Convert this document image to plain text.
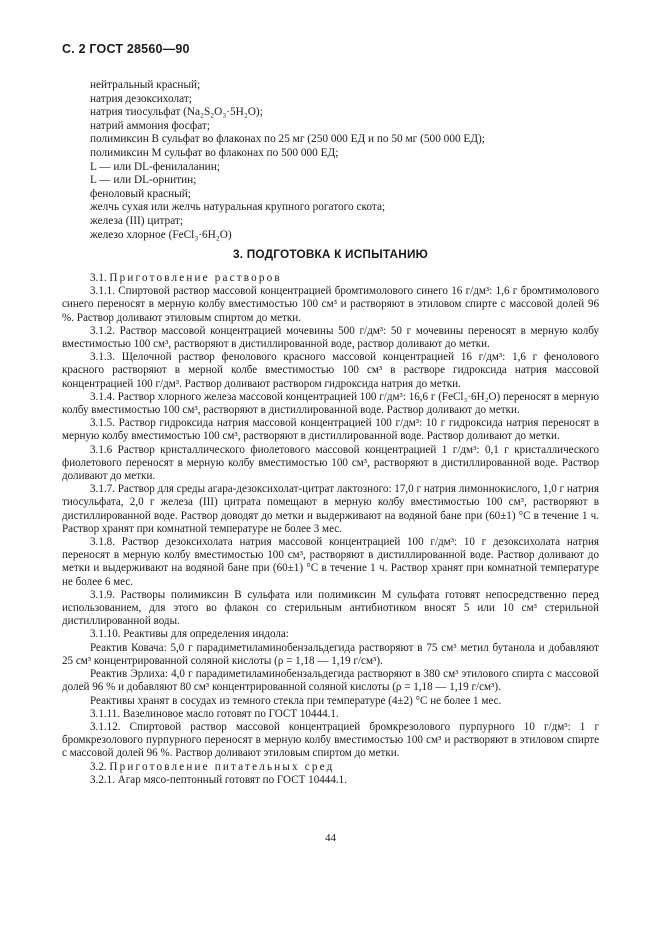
С. 2 ГОСТ 28560—90
нейтральный красный;
натрия дезоксихолат;
натрия тиосульфат (Na₂S₂O₃·5H₂O);
натрий аммония фосфат;
полимиксин В сульфат во флаконах по 25 мг (250 000 ЕД и по 50 мг (500 000 ЕД);
полимиксин М сульфат во флаконах по 500 000 ЕД;
L — или DL-фенилаланин;
L — или DL-орнитин;
феноловый красный;
желчь сухая или желчь натуральная крупного рогатого скота;
железа (III) цитрат;
железо хлорное (FeCl₃·6H₂O)
3. ПОДГОТОВКА К ИСПЫТАНИЮ

3.1. Приготовление растворов

3.1.1. Спиртовой раствор массовой концентрацией бромтимолового синего 16 г/дм³: 1,6 г бромтимолового синего переносят в мерную колбу вместимостью 100 см³ и растворяют в этиловом спирте с массовой долей 96 %. Раствор доливают этиловым спиртом до метки.

3.1.2. Раствор массовой концентрацией мочевины 500 г/дм³: 50 г мочевины переносят в мерную колбу вместимостью 100 см³, растворяют в дистиллированной воде, раствор доливают до метки.

3.1.3. Щелочной раствор фенолового красного массовой концентрацией 16 г/дм³: 1,6 г фенолового красного растворяют в мерной колбе вместимостью 100 см³ в растворе гидроксида натрия массовой концентрацией 100 г/дм³. Раствор доливают раствором гидроксида натрия до метки.

3.1.4. Раствор хлорного железа массовой концентрацией 100 г/дм³: 16,6 г (FeCl₃·6H₂O) переносят в мерную колбу вместимостью 100 см³, растворяют в дистиллированной воде. Раствор доливают до метки.

3.1.5. Раствор гидроксида натрия массовой концентрацией 100 г/дм³: 10 г гидроксида натрия переносят в мерную колбу вместимостью 100 см³, растворяют в дистиллированной воде. Раствор доливают до метки.

3.1.6 Раствор кристаллического фиолетового массовой концентрацией 1 г/дм³: 0,1 г кристаллического фиолетового переносят в мерную колбу вместимостью 100 см³, растворяют в дистиллированной воде. Раствор доливают до метки.

3.1.7. Раствор для среды агара-дезоксихолат-цитрат лактозного: 17,0 г натрия лимоннокислого, 1,0 г натрия тиосульфата, 2,0 г железа (III) цитрата помещают в мерную колбу вместимостью 100 см³, растворяют в дистиллированной воде. Раствор доводят до метки и выдерживают на водяной бане при (60±1) °С в течение 1 ч. Раствор хранят при комнатной температуре не более 3 мес.

3.1.8. Раствор дезоксихолата натрия массовой концентрацией 100 г/дм³: 10 г дезоксихолата натрия переносят в мерную колбу вместимостью 100 см³, растворяют в дистиллированной воде. Раствор доливают до метки и выдерживают на водяной бане при (60±1) °С в течение 1 ч. Раствор хранят при комнатной температуре не более 6 мес.

3.1.9. Растворы полимиксин В сульфата или полимиксин М сульфата готовят непосредственно перед использованием, для этого во флакон со стерильным антибиотиком вносят 5 или 10 см³ стерильной дистиллированной воды.

3.1.10. Реактивы для определения индола:

Реактив Ковача: 5,0 г парадиметиламинобензальдегида растворяют в 75 см³ метил бутанола и добавляют 25 см³ концентрированной соляной кислоты (ρ = 1,18 — 1,19 г/см³).

Реактив Эрлиха: 4,0 г парадиметиламинобензальдегида растворяют в 380 см³ этилового спирта с массовой долей 96 % и добавляют 80 см³ концентрированной соляной кислоты (ρ = 1,18 — 1,19 г/см³).

Реактивы хранят в сосудах из темного стекла при температуре (4±2) °С не более 1 мес.

3.1.11. Вазелиновое масло готовят по ГОСТ 10444.1.

3.1.12. Спиртовой раствор массовой концентрацией бромкрезолового пурпурного 10 г/дм³: 1 г бромкрезолового пурпурного переносят в мерную колбу вместимостью 100 см³ и растворяют в этиловом спирте с массовой долей 96 %. Раствор доливают этиловым спиртом до метки.

3.2. Приготовление питательных сред

3.2.1. Агар мясо-пептонный готовят по ГОСТ 10444.1.

44
